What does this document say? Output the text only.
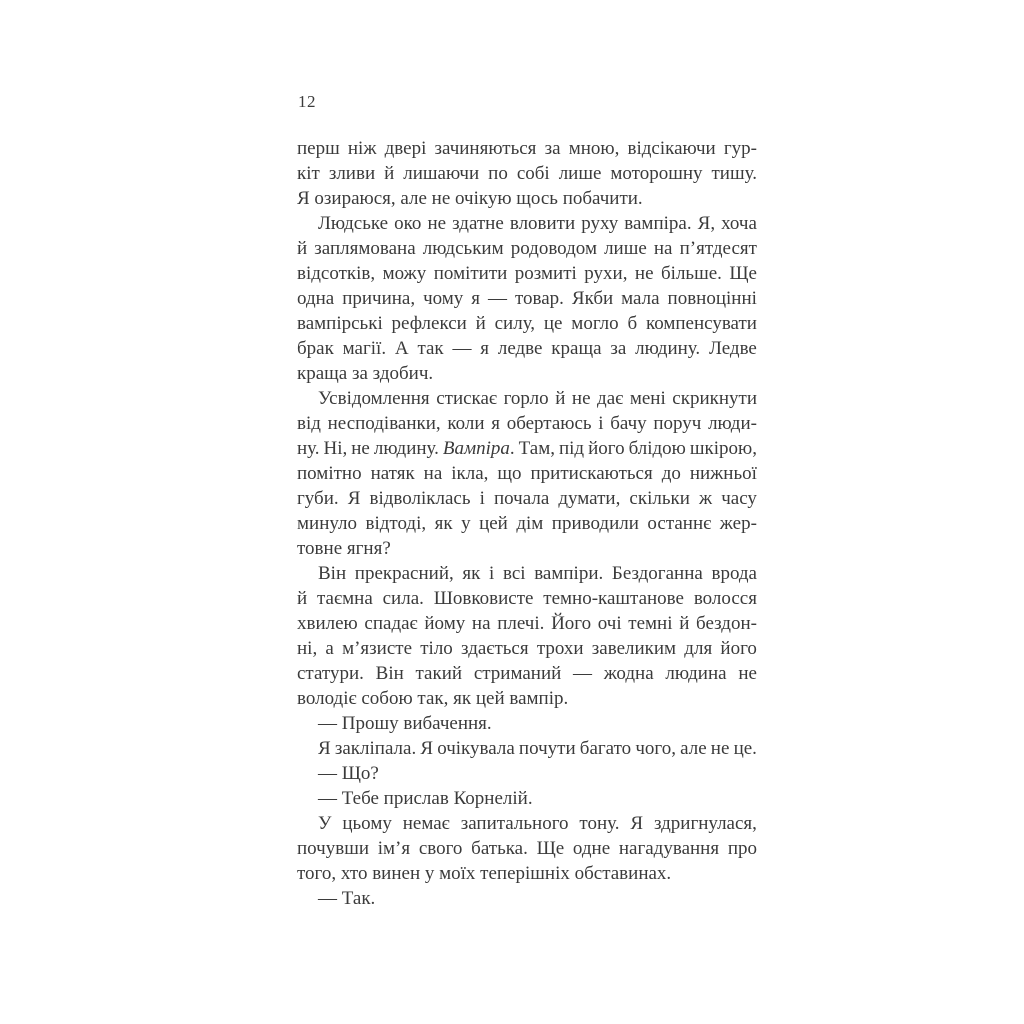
12
перш ніж двері зачиняються за мною, відсікаючи гур-
кіт зливи й лишаючи по собі лише моторошну тишу.
Я озираюся, але не очікую щось побачити.
Людське око не здатне вловити руху вампіра. Я, хоча
й заплямована людським родоводом лише на п’ятдесят
відсотків, можу помітити розмиті рухи, не більше. Ще
одна причина, чому я — товар. Якби мала повноцінні
вампірські рефлекси й силу, це могло б компенсувати
брак магії. А так — я ледве краща за людину. Ледве
краща за здобич.
Усвідомлення стискає горло й не дає мені скрикнути
від несподіванки, коли я обертаюсь і бачу поруч люди-
ну. Ні, не людину. Вампіра. Там, під його блідою шкірою,
помітно натяк на ікла, що притискаються до нижньої
губи. Я відволіклась і почала думати, скільки ж часу
минуло відтоді, як у цей дім приводили останнє жер-
товне ягня?
Він прекрасний, як і всі вампіри. Бездоганна врода
й таємна сила. Шовковисте темно-каштанове волосся
хвилею спадає йому на плечі. Його очі темні й бездон-
ні, а м’язисте тіло здається трохи завеликим для його
статури. Він такий стриманий — жодна людина не
володіє собою так, як цей вампір.
— Прошу вибачення.
Я закліпала. Я очікувала почути багато чого, але не це.
— Що?
— Тебе прислав Корнелій.
У цьому немає запитального тону. Я здригнулася,
почувши ім’я свого батька. Ще одне нагадування про
того, хто винен у моїх теперішніх обставинах.
— Так.
